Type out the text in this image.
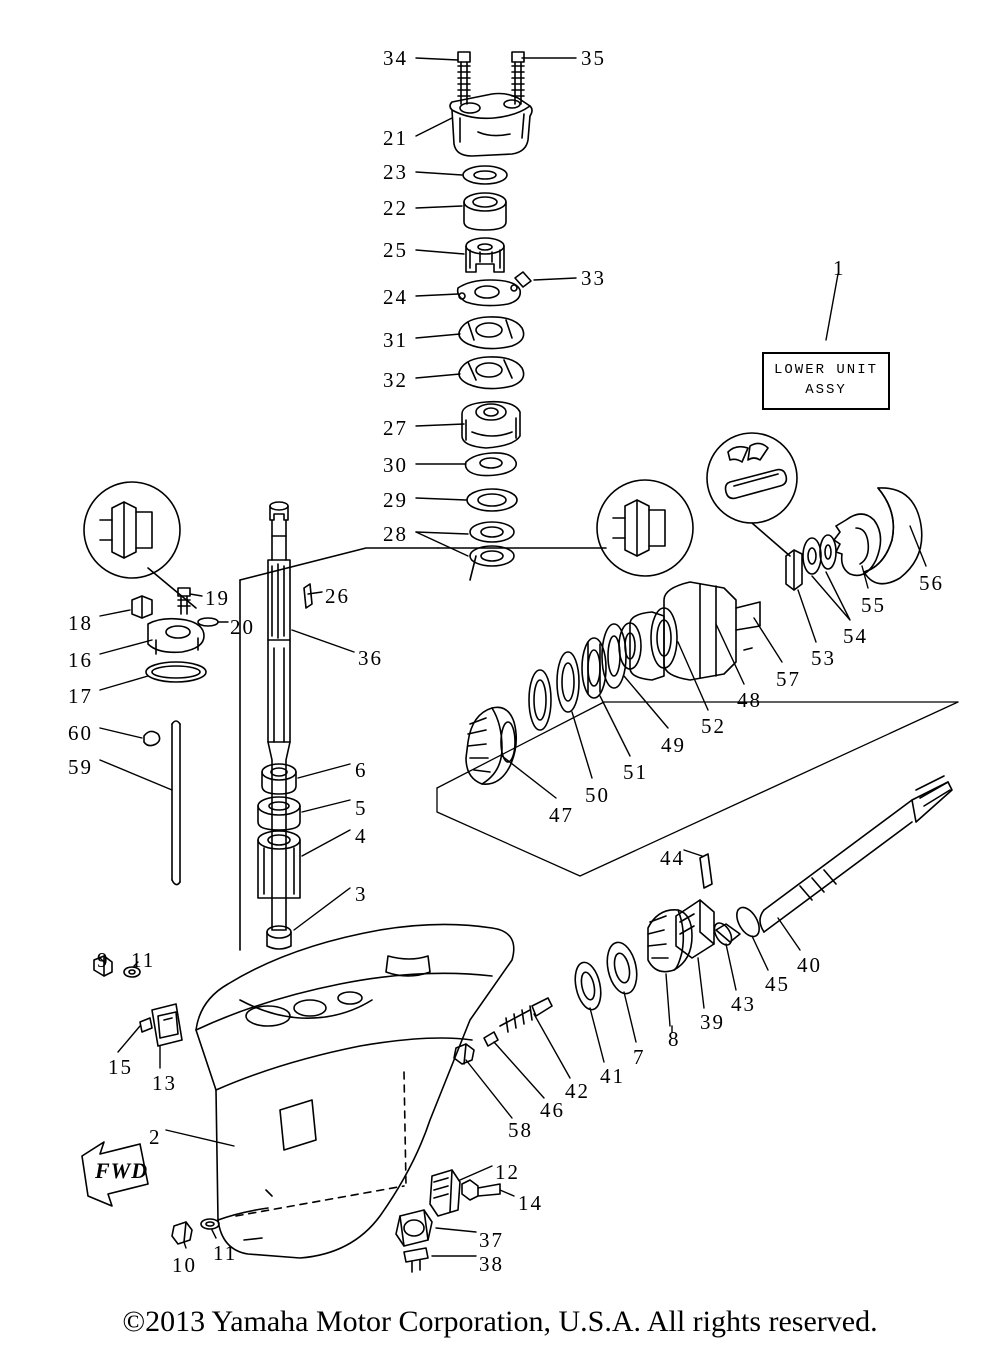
LOWER UNIT
ASSY
FWD
34	35
21
23
22
25
33
24
31
32
27
30
29
28
1
56
55
54
53
57
48
52
49
51
50
47
18
19
20
26
16
17
60
59
36
6
5
4
3
9 11
15
13
2
10 11
12
14
37
38
58
46
42
41
7
8
39
43
45
40
44
©2013 Yamaha Motor Corporation, U.S.A. All rights reserved.
